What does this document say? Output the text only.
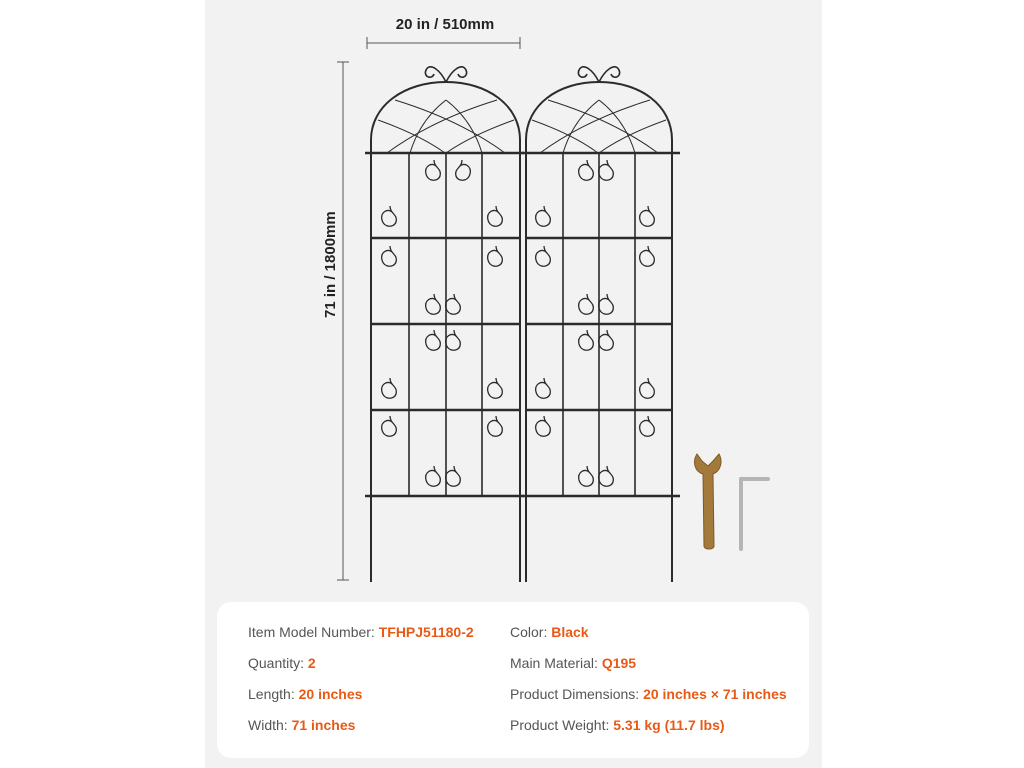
20 in / 510mm
71 in / 1800mm
Item Model Number: TFHPJ51180-2
Quantity: 2
Length: 20 inches
Width: 71 inches
Color: Black
Main Material: Q195
Product Dimensions: 20 inches × 71 inches
Product Weight: 5.31 kg (11.7 lbs)
